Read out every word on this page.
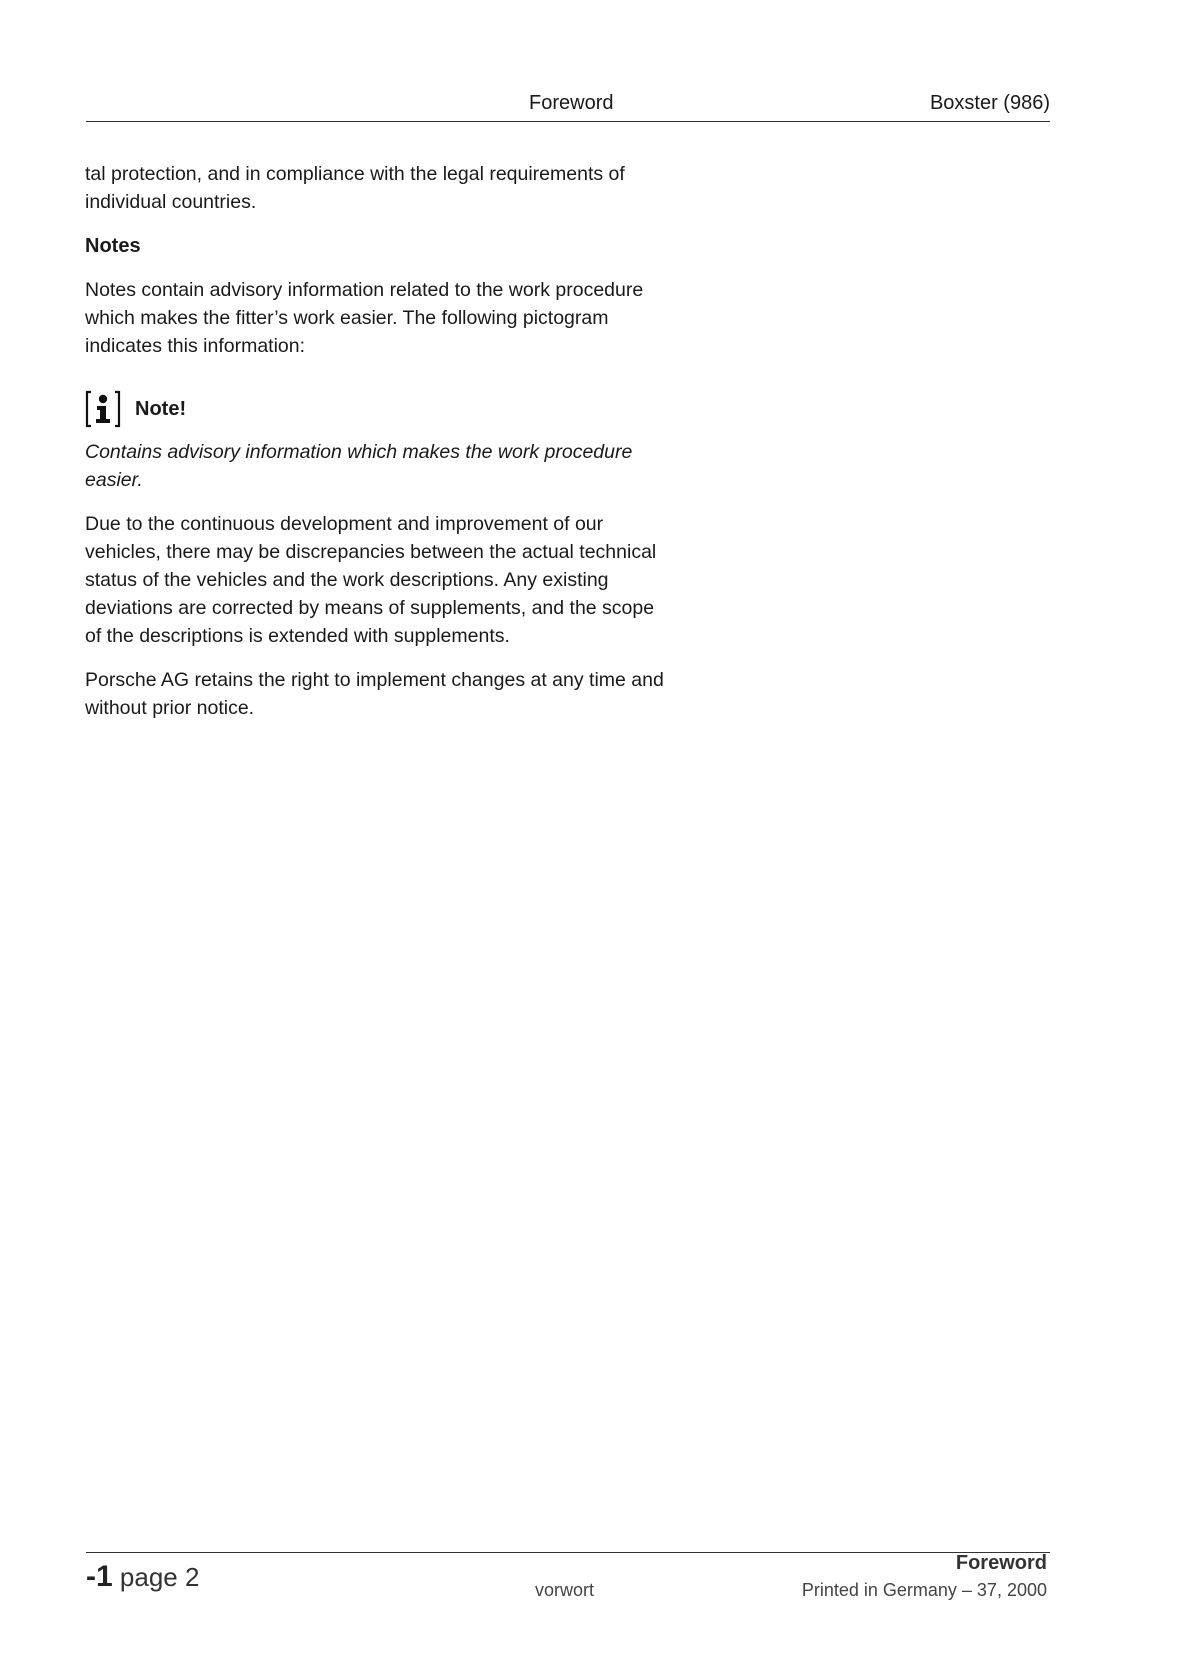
Foreword	Boxster (986)

tal protection, and in compliance with the legal requirements of individual countries.

Notes

Notes contain advisory information related to the work procedure which makes the fitter’s work easier. The following pictogram indicates this information:

Note!

Contains advisory information which makes the work procedure easier.

Due to the continuous development and improvement of our vehicles, there may be discrepancies between the actual technical status of the vehicles and the work descriptions. Any existing deviations are corrected by means of supplements, and the scope of the descriptions is extended with supplements.

Porsche AG retains the right to implement changes at any time and without prior notice.

-1 page 2	vorwort
Foreword
Printed in Germany – 37, 2000
